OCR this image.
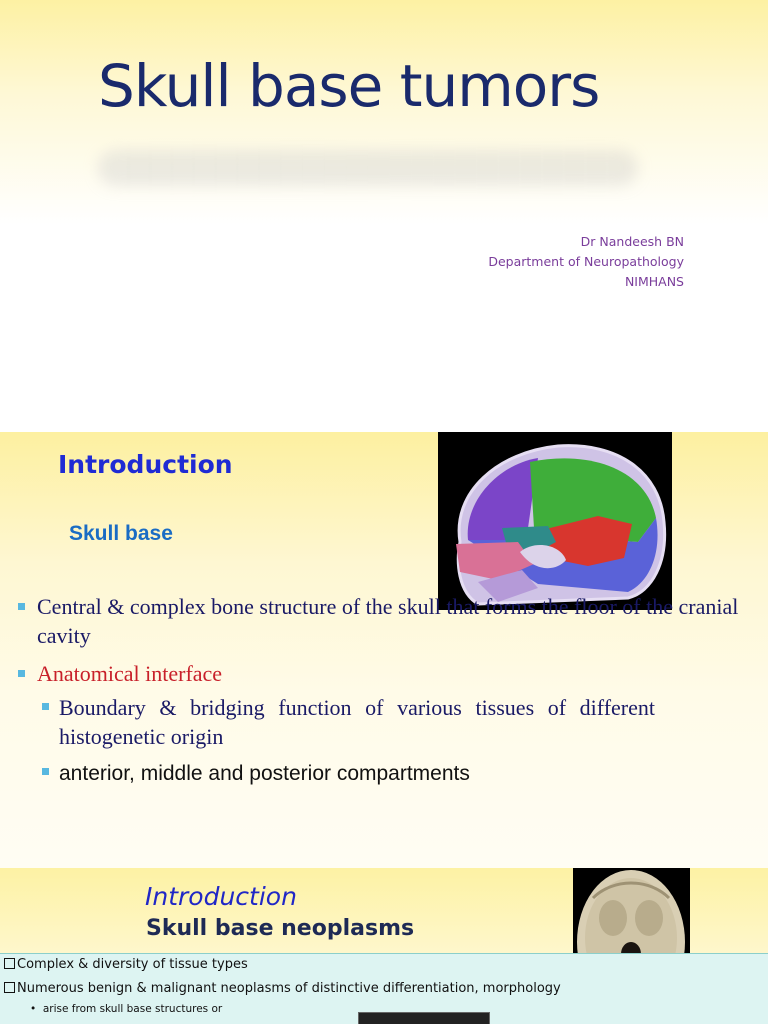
Skull base tumors
Dr Nandeesh BN
Department of Neuropathology
NIMHANS
Introduction
Skull base
Central & complex bone structure of the skull that forms the floor of the cranial cavity
Anatomical interface
Boundary & bridging function of various tissues of different histogenetic origin
anterior, middle and posterior compartments
Introduction
Skull base neoplasms
Complex & diversity of tissue types
Numerous benign & malignant neoplasms of distinctive differentiation, morphology
•  arise from skull base structures or
